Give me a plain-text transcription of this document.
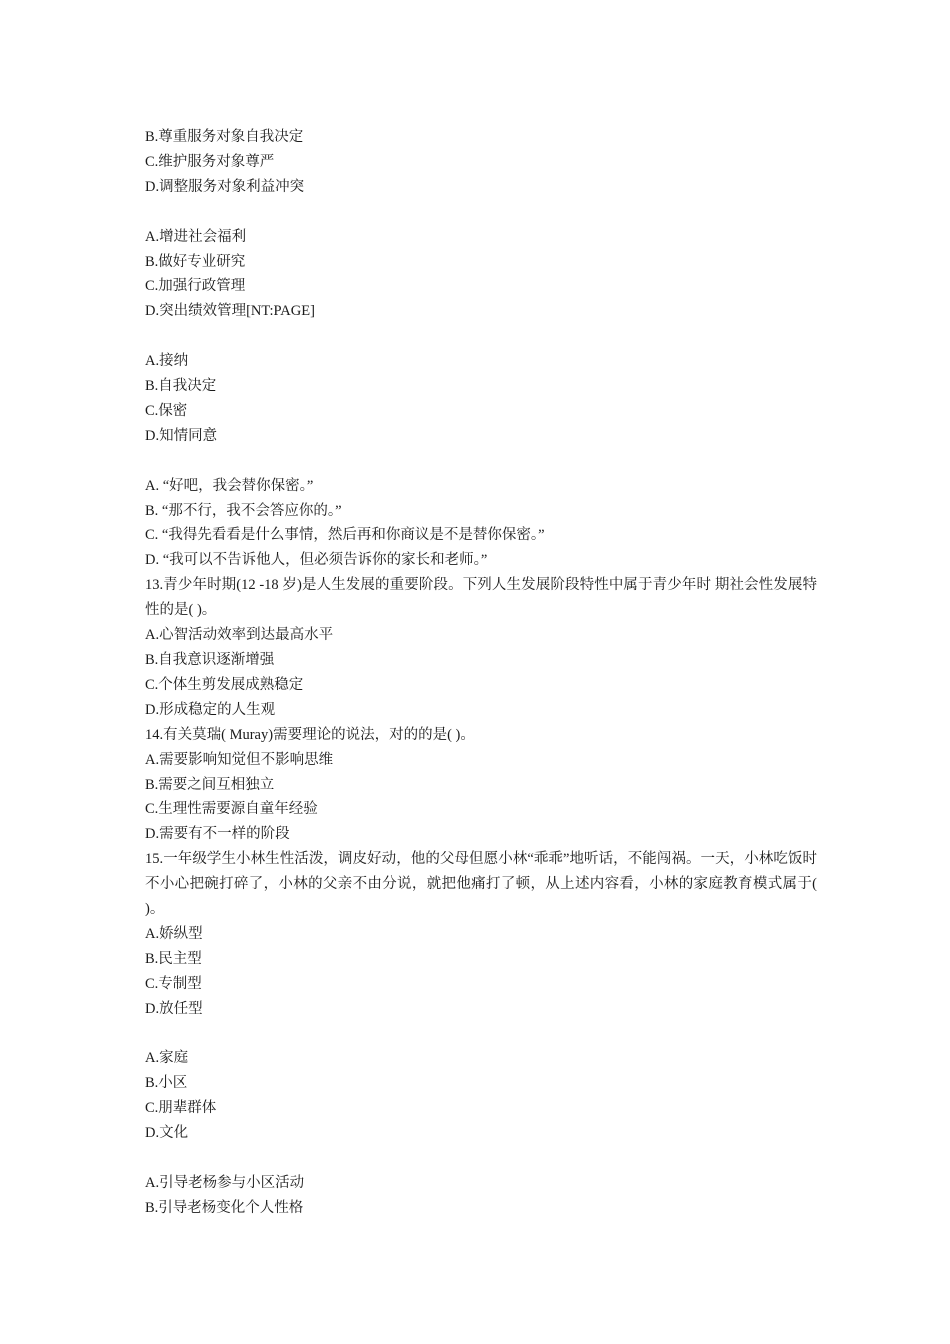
B.尊重服务对象自我决定
C.维护服务对象尊严
D.调整服务对象利益冲突
A.增进社会福利
B.做好专业研究
C.加强行政管理
D.突出绩效管理[NT:PAGE]
A.接纳
B.自我决定
C.保密
D.知情同意
A. “好吧，我会替你保密。”
B. “那不行，我不会答应你的。”
C. “我得先看看是什么事情，然后再和你商议是不是替你保密。”
D. “我可以不告诉他人，但必须告诉你的家长和老师。”
13.青少年时期(12 -18 岁)是人生发展的重要阶段。下列人生发展阶段特性中属于青少年时 期社会性发展特性的是( )。
A.心智活动效率到达最高水平
B.自我意识逐渐增强
C.个体生剪发展成熟稳定
D.形成稳定的人生观
14.有关莫瑞( Muray)需要理论的说法，对的的是( )。
A.需要影响知觉但不影响思维
B.需要之间互相独立
C.生理性需要源自童年经验
D.需要有不一样的阶段
15.一年级学生小林生性活泼，调皮好动，他的父母但愿小林“乖乖”地听话，不能闯祸。一天，小林吃饭时不小心把碗打碎了，小林的父亲不由分说，就把他痛打了顿，从上述内容看，小林的家庭教育模式属于( )。
A.娇纵型
B.民主型
C.专制型
D.放任型
A.家庭
B.小区
C.朋辈群体
D.文化
A.引导老杨参与小区活动
B.引导老杨变化个人性格
